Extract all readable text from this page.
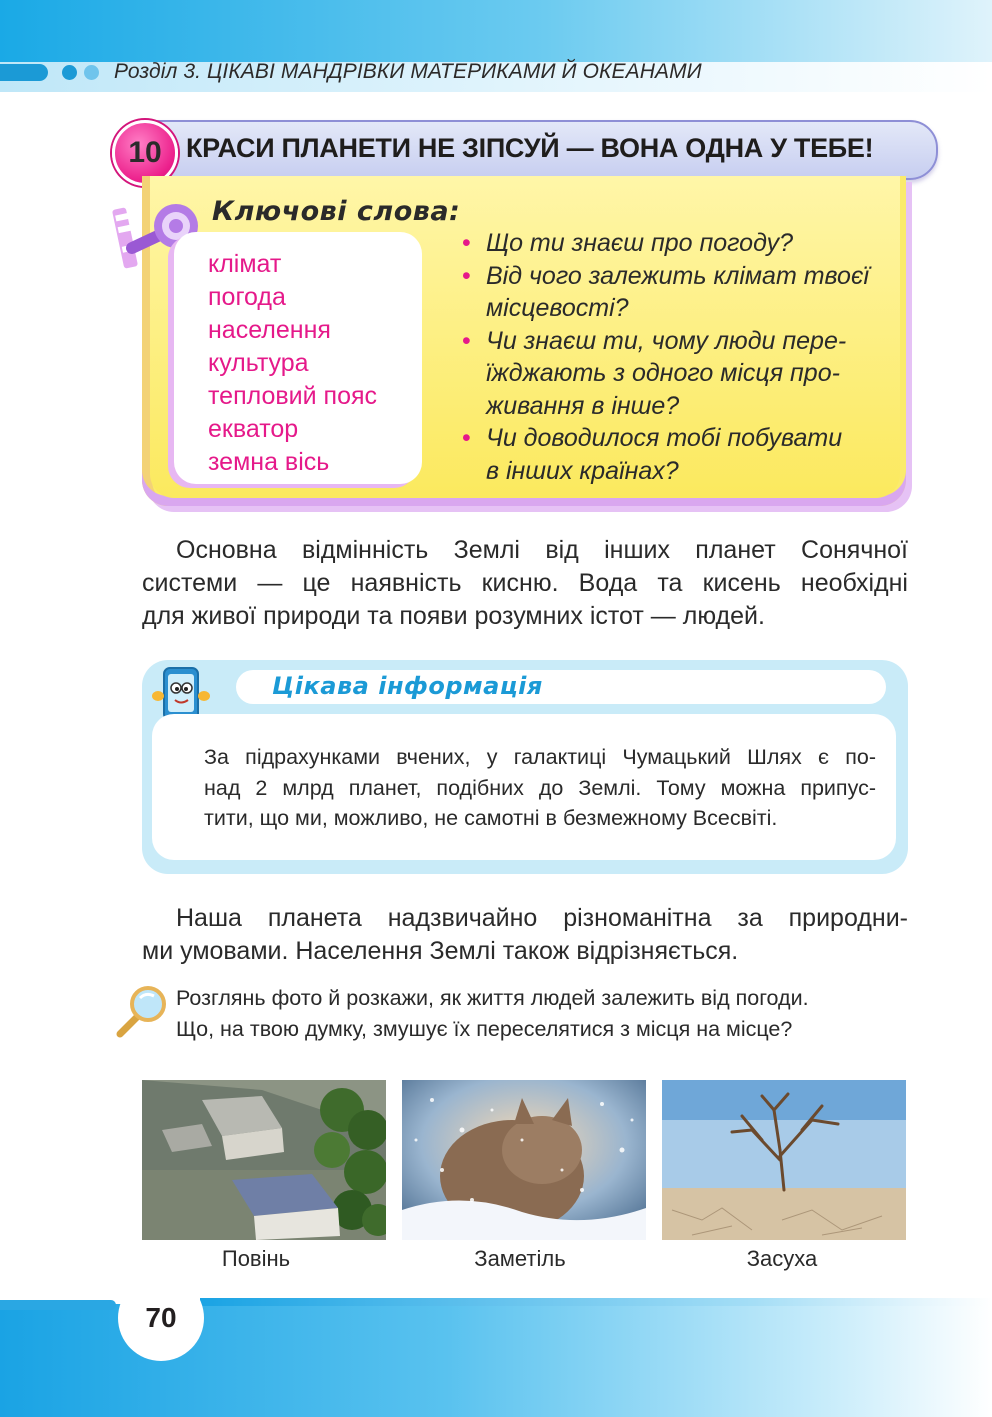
Розділ 3. ЦІКАВІ МАНДРІВКИ МАТЕРИКАМИ Й ОКЕАНАМИ
10 КРАСИ ПЛАНЕТИ НЕ ЗІПСУЙ — ВОНА ОДНА У ТЕБЕ!
Ключові слова:
клімат
погода
населення
культура
тепловий пояс
екватор
земна вісь
• Що ти знаєш про погоду?
• Від чого залежить клімат твоєї
місцевості?
• Чи знаєш ти, чому люди пере-
їжджають з одного місця про-
живання в інше?
• Чи доводилося тобі побувати
в інших країнах?
Основна відмінність Землі від інших планет Сонячної
системи — це наявність кисню. Вода та кисень необхідні
для живої природи та появи розумних істот — людей.
Цікава інформація
За підрахунками вчених, у галактиці Чумацький Шлях є по-
над 2 млрд планет, подібних до Землі. Тому можна припус-
тити, що ми, можливо, не самотні в безмежному Всесвіті.
Наша планета надзвичайно різноманітна за природни-
ми умовами. Населення Землі також відрізняється.
Розглянь фото й розкажи, як життя людей залежить від погоди.
Що, на твою думку, змушує їх переселятися з місця на місце?
Повінь	Заметіль	Засуха
70
